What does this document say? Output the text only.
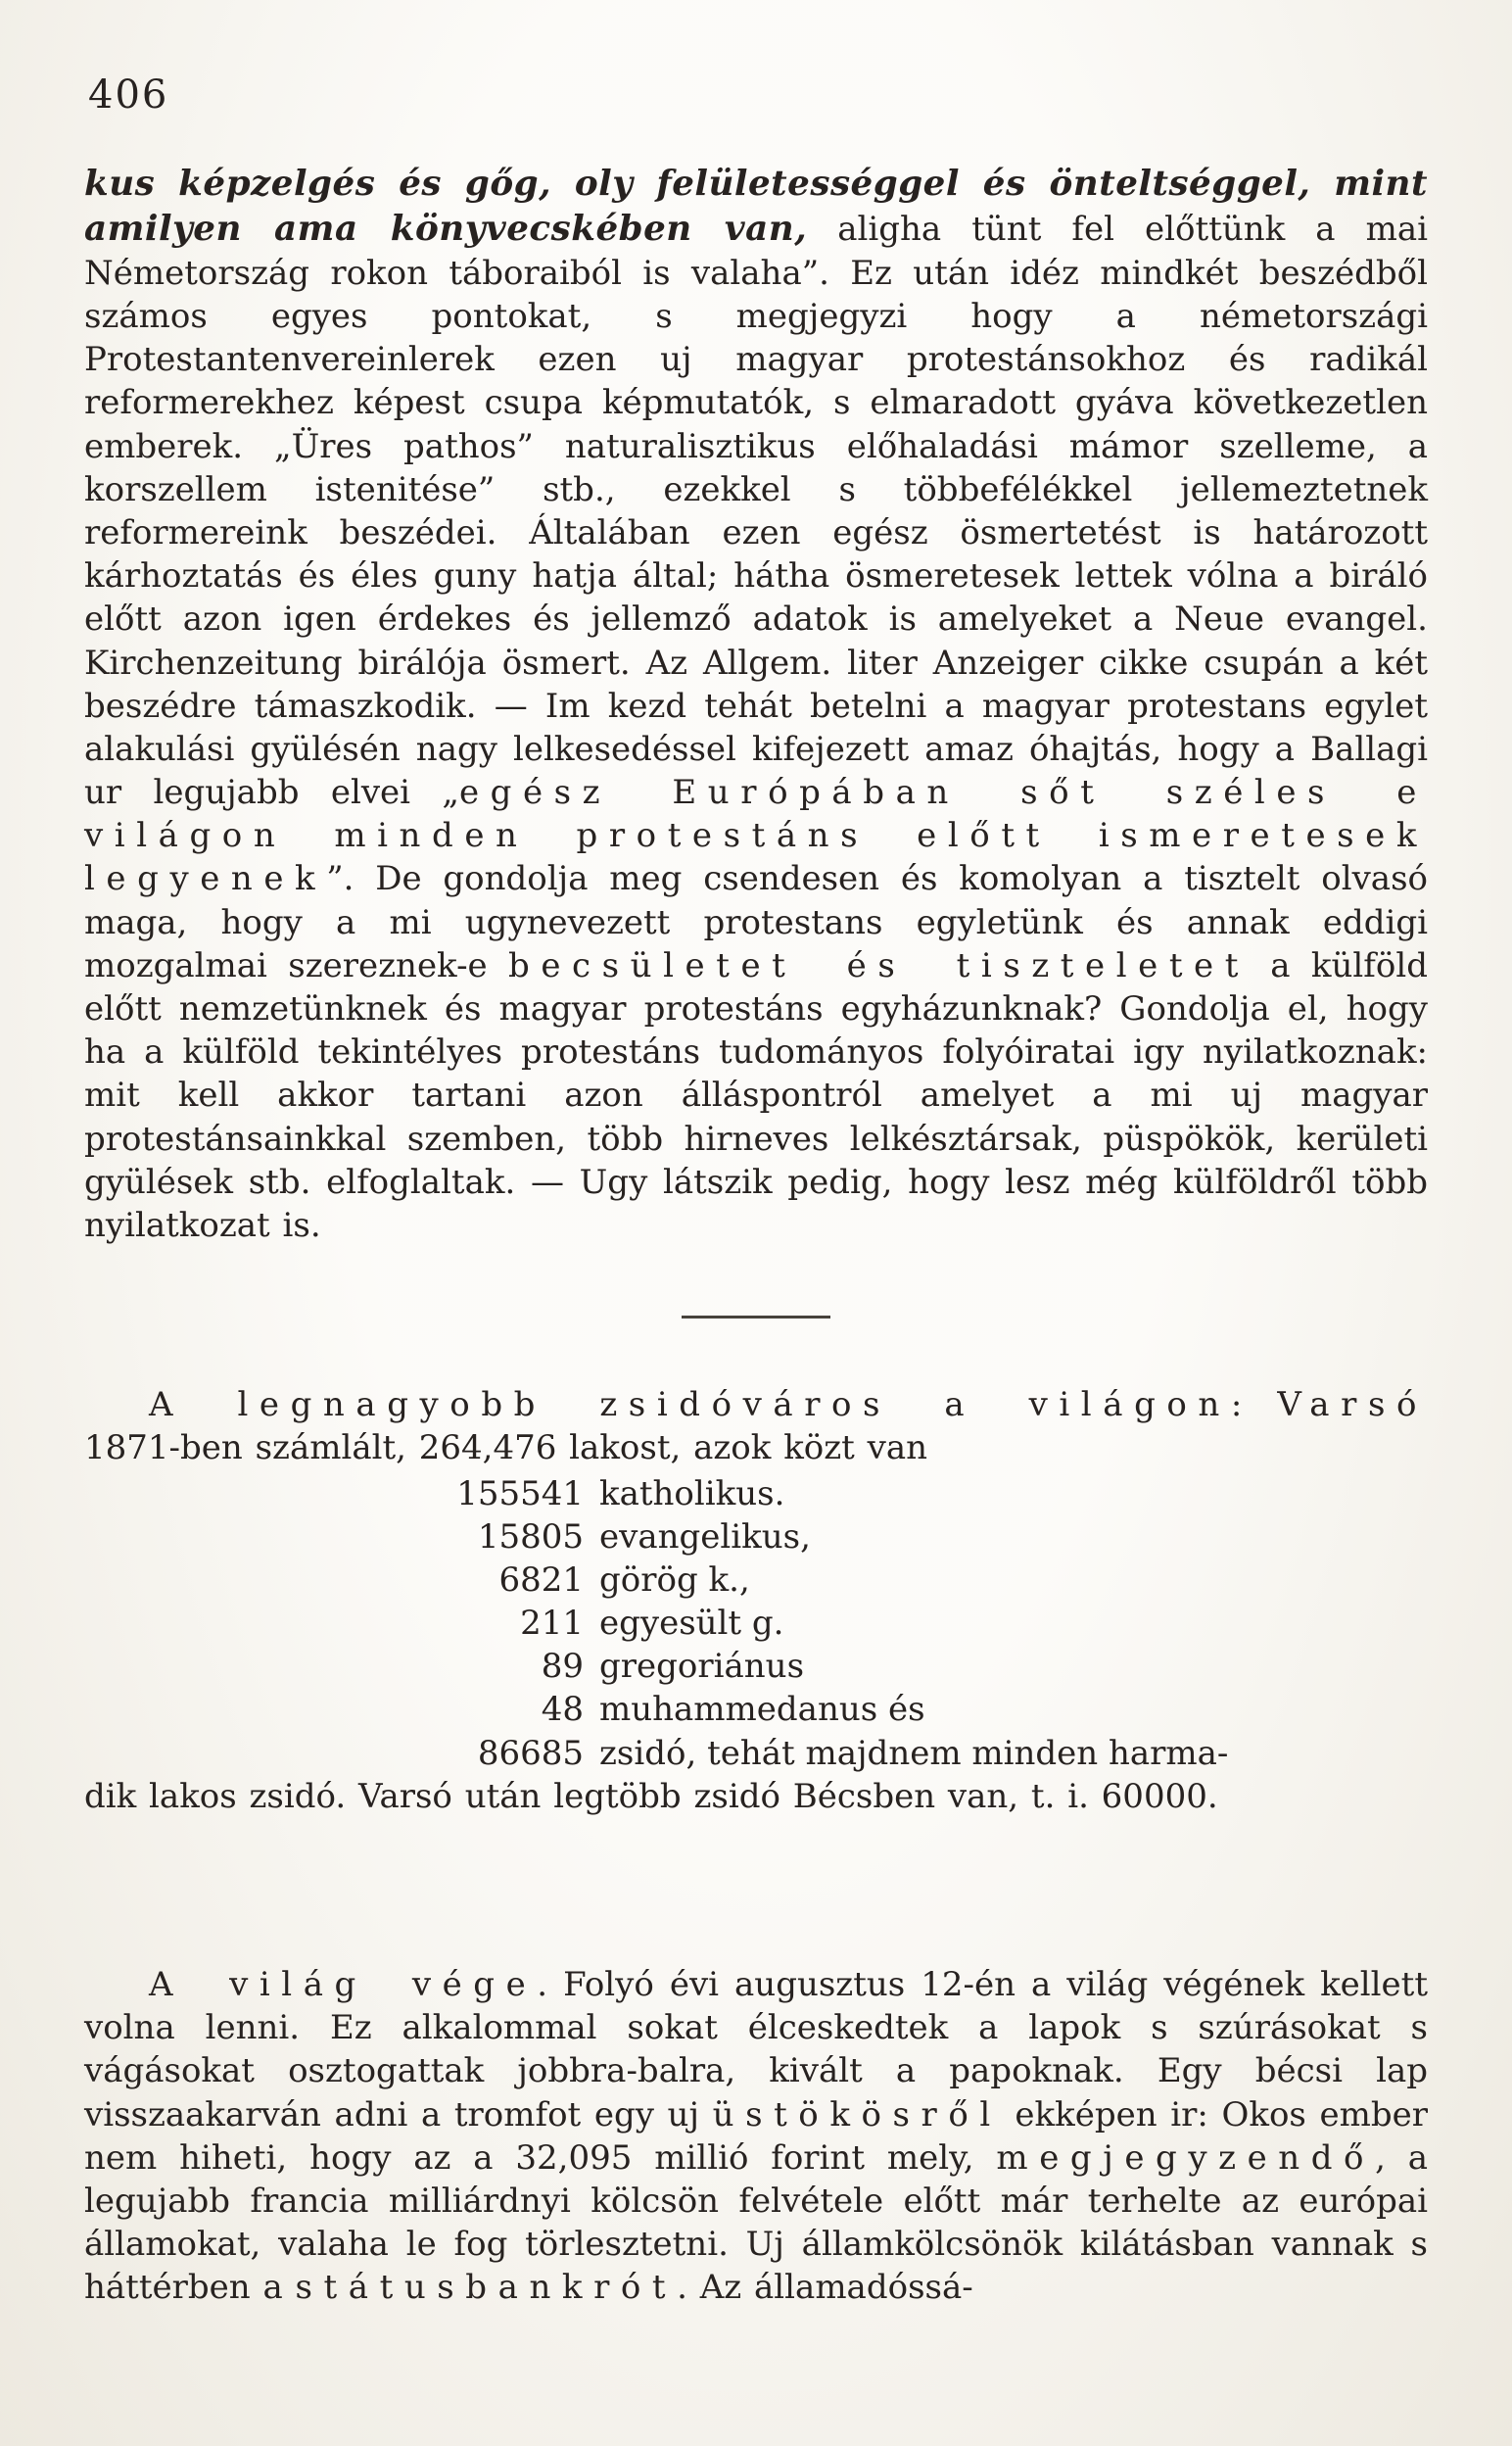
406

kus képzelgés és gőg, oly felületességgel és önteltséggel, mint amilyen ama könyvecskében van, aligha tünt fel előttünk a mai Németország rokon táboraiból is valaha”. Ez után idéz mindkét beszédből számos egyes pontokat, s megjegyzi hogy a németországi Protestantenvereinlerek ezen uj magyar protestánsokhoz és radikál reformerekhez képest csupa képmutatók, s elmaradott gyáva következetlen emberek. „Üres pathos” naturalisztikus előhaladási mámor szelleme, a korszellem istenitése” stb., ezekkel s többefélékkel jellemeztetnek reformereink beszédei. Általában ezen egész ösmertetést is határozott kárhoztatás és éles guny hatja által; hátha ösmeretesek lettek vólna a biráló előtt azon igen érdekes és jellemző adatok is amelyeket a Neue evangel. Kirchenzeitung birálója ösmert. Az Allgem. liter Anzeiger cikke csupán a két beszédre támaszkodik. — Im kezd tehát betelni a magyar protestans egylet alakulási gyülésén nagy lelkesedéssel kifejezett amaz óhajtás, hogy a Ballagi ur legujabb elvei „egész Európában sőt széles e világon minden protestáns előtt ismeretesek legyenek”. De gondolja meg csendesen és komolyan a tisztelt olvasó maga, hogy a mi ugynevezett protestans egyletünk és annak eddigi mozgalmai szereznek-e becsületet és tiszteletet a külföld előtt nemzetünknek és magyar protestáns egyházunknak? Gondolja el, hogy ha a külföld tekintélyes protestáns tudományos folyóiratai igy nyilatkoznak: mit kell akkor tartani azon álláspontról amelyet a mi uj magyar protestánsainkkal szemben, több hirneves lelkésztársak, püspökök, kerületi gyülések stb. elfoglaltak. — Ugy látszik pedig, hogy lesz még külföldről több nyilatkozat is.

A legnagyobb zsidóváros a világon: Varsó 1871-ben számlált, 264,476 lakost, azok közt van

155541 katholikus.
15805 evangelikus,
6821 görög k.,
211 egyesült g.
89 gregoriánus
48 muhammedanus és
86685 zsidó, tehát majdnem minden harma-

dik lakos zsidó. Varsó után legtöbb zsidó Bécsben van, t. i. 60000.

A világ vége. Folyó évi augusztus 12-én a világ végének kellett volna lenni. Ez alkalommal sokat élceskedtek a lapok s szúrásokat s vágásokat osztogattak jobbra-balra, kivált a papoknak. Egy bécsi lap visszaakarván adni a tromfot egy uj üstökösről ekképen ir: Okos ember nem hiheti, hogy az a 32,095 millió forint mely, megjegyzendő, a legujabb francia milliárdnyi kölcsön felvétele előtt már terhelte az európai államokat, valaha le fog törlesztetni. Uj államkölcsönök kilátásban vannak s háttérben a státusbankrót. Az államadóssá-
